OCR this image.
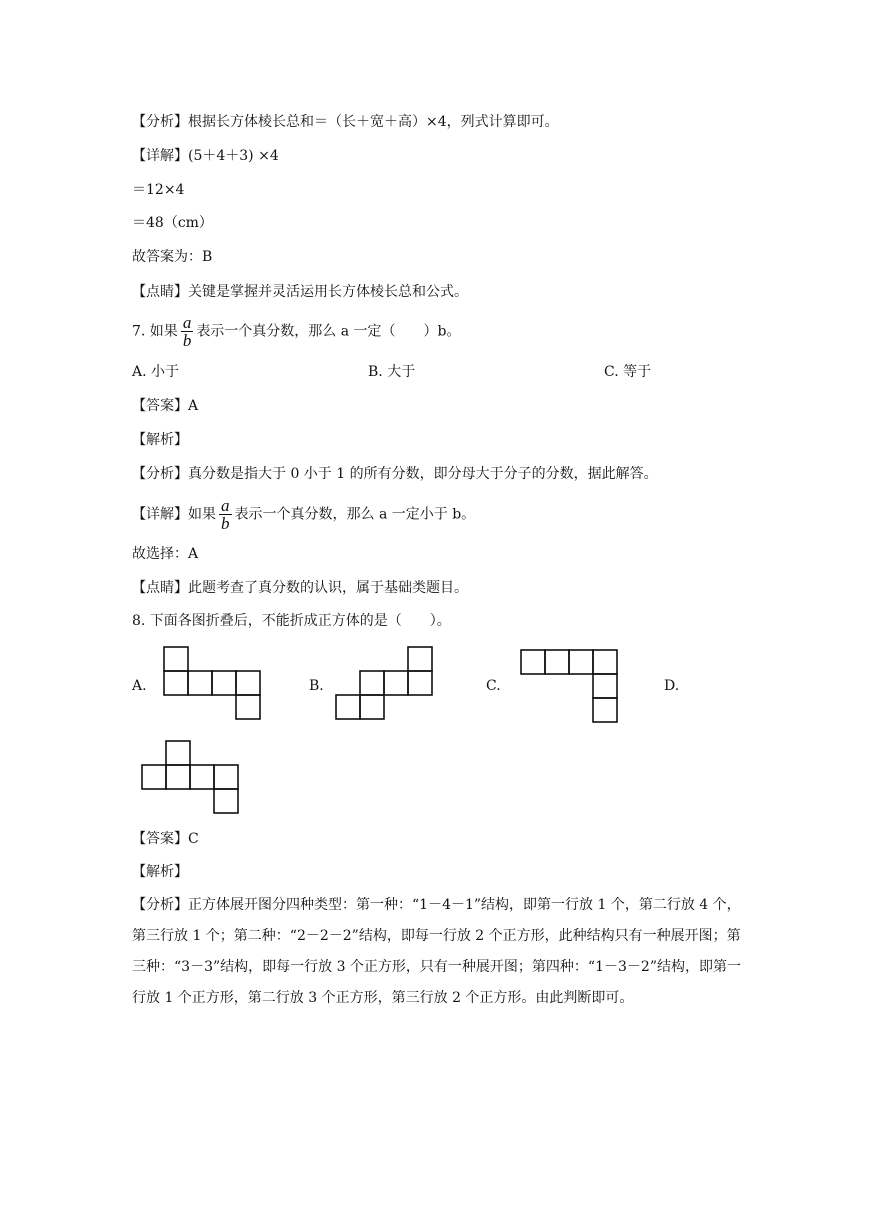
【分析】根据长方体棱长总和＝（长＋宽＋高）×4，列式计算即可。
【详解】(5＋4＋3) ×4
＝12×4
＝48（cm）
故答案为：B
【点睛】关键是掌握并灵活运用长方体棱长总和公式。
7. 如果 $\frac{a}{b}$ 表示一个真分数，那么 a 一定（　　）b。
A. 小于	B. 大于	C. 等于
【答案】A
【解析】
【分析】真分数是指大于 0 小于 1 的所有分数，即分母大于分子的分数，据此解答。
【详解】如果 $\frac{a}{b}$ 表示一个真分数，那么 a 一定小于 b。
故选择：A
【点睛】此题考查了真分数的认识，属于基础类题目。
8. 下面各图折叠后，不能折成正方体的是（　　）。
A.	B.	C.	D.
【答案】C
【解析】
【分析】正方体展开图分四种类型：第一种：“1－4－1”结构，即第一行放 1 个，第二行放 4 个，第三行放 1 个；第二种：“2－2－2”结构，即每一行放 2 个正方形，此种结构只有一种展开图；第三种：“3－3”结构，即每一行放 3 个正方形，只有一种展开图；第四种：“1－3－2”结构，即第一行放 1 个正方形，第二行放 3 个正方形，第三行放 2 个正方形。由此判断即可。
